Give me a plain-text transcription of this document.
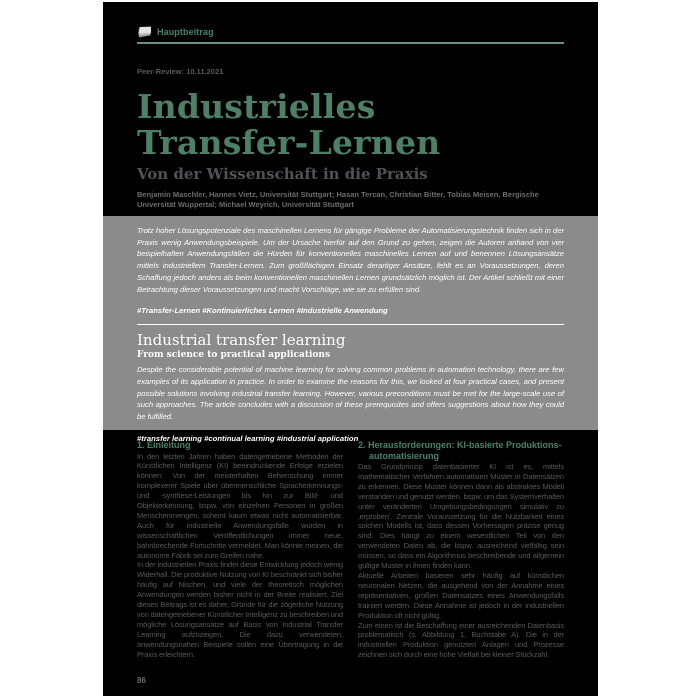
Hauptbeitrag
Peer-Review: 10.11.2021
Industrielles
Transfer-Lernen
Von der Wissenschaft in die Praxis
Benjamin Maschler, Hannes Vietz, Universität Stuttgart; Hasan Tercan, Christian Bitter, Tobias Meisen, Bergische Universität Wuppertal; Michael Weyrich, Universität Stuttgart

Trotz hoher Lösungspotenziale des maschinellen Lernens für gängige Probleme der Automatisierungstechnik finden sich in der Praxis wenig Anwendungsbeispiele. Um der Ursache hierfür auf den Grund zu gehen, zeigen die Autoren anhand von vier beispielhaften Anwendungsfällen die Hürden für konventionelles maschinelles Lernen auf und benennen Lösungsansätze mittels industriellem Transfer-Lernen. Zum großflächigen Einsatz derartiger Ansätze, fehlt es an Voraussetzungen, deren Schaffung jedoch anders als beim konventionellen maschinellen Lernen grundsätzlich möglich ist. Der Artikel schließt mit einer Betrachtung dieser Voraussetzungen und macht Vorschläge, wie sie zu erfüllen sind.

#Transfer-Lernen #Kontinuierliches Lernen #Industrielle Anwendung

Industrial transfer learning
From science to practical applications

Despite the considerable potential of machine learning for solving common problems in automation technology, there are few examples of its application in practice. In order to examine the reasons for this, we looked at four practical cases, and present possible solutions involving industrial transfer learning. However, various preconditions must be met for the large-scale use of such approaches. The article concludes with a discussion of these prerequisites and offers suggestions about how they could be fulfilled.

#transfer learning #continual learning #industrial application

1. Einleitung

In den letzten Jahren haben datengetriebene Methoden der Künstlichen Intelligenz (KI) beeindruckende Erfolge erzielen können: Von der meisterhaften Beherrschung immer komplexerer Spiele über übermenschliche Spracherkennungs- und -synthese-Leistungen bis hin zur Bild- und Objekterkennung, bspw. von einzelnen Personen in großen Menschenmengen, scheint kaum etwas nicht automatisierbar. Auch für industrielle Anwendungsfälle wurden in wissenschaftlichen Veröffentlichungen immer neue, bahnbrechende Fortschritte vermeldet. Man könnte meinen, die autonome Fabrik sei zum Greifen nahe.

In der industriellen Praxis findet diese Entwicklung jedoch wenig Widerhall. Die produktive Nutzung von KI beschränkt sich bisher häufig auf Nischen, und viele der theoretisch möglichen Anwendungen werden bisher nicht in der Breite realisiert. Ziel dieses Beitrags ist es daher, Gründe für die zögerliche Nutzung von datengetriebener Künstlicher Intelligenz zu beschreiben und mögliche Lösungsansätze auf Basis von Industrial Transfer Learning aufzuzeigen. Die dazu verwendeten, anwendungsnahen Beispiele sollen eine Übertragung in die Praxis erleichtern.

2. Herausforderungen: KI-basierte Produktionsautomatisierung

Das Grundprinzip datenbasierter KI ist es, mittels mathematischer Verfahren automatisiert Muster in Datensätzen zu erkennen. Diese Muster können dann als abstraktes Modell verstanden und genutzt werden, bspw. um das Systemverhalten unter veränderten Umgebungsbedingungen simulativ zu ‚erproben‘. Zentrale Voraussetzung für die Nutzbarkeit eines solchen Modells ist, dass dessen Vorhersagen präzise genug sind. Dies hängt zu einem wesentlichen Teil von den verwendeten Daten ab, die bspw. ausreichend vielfältig sein müssen, so dass ein Algorithmus beschreibende und allgemein gültige Muster in ihnen finden kann.

Aktuelle Arbeiten basieren sehr häufig auf künstlichen neuronalen Netzen, die ausgehend von der Annahme eines repräsentativen, großen Datensatzes eines Anwendungsfalls trainiert werden. Diese Annahme ist jedoch in der industriellen Produktion oft nicht gültig.

Zum einen ist die Beschaffung einer ausreichenden Datenbasis problematisch (s. Abbildung 1, Buchstabe A). Die in der industriellen Produktion genutzten Anlagen und Prozesse zeichnen sich durch eine hohe Vielfalt bei kleiner Stückzahl.

86
